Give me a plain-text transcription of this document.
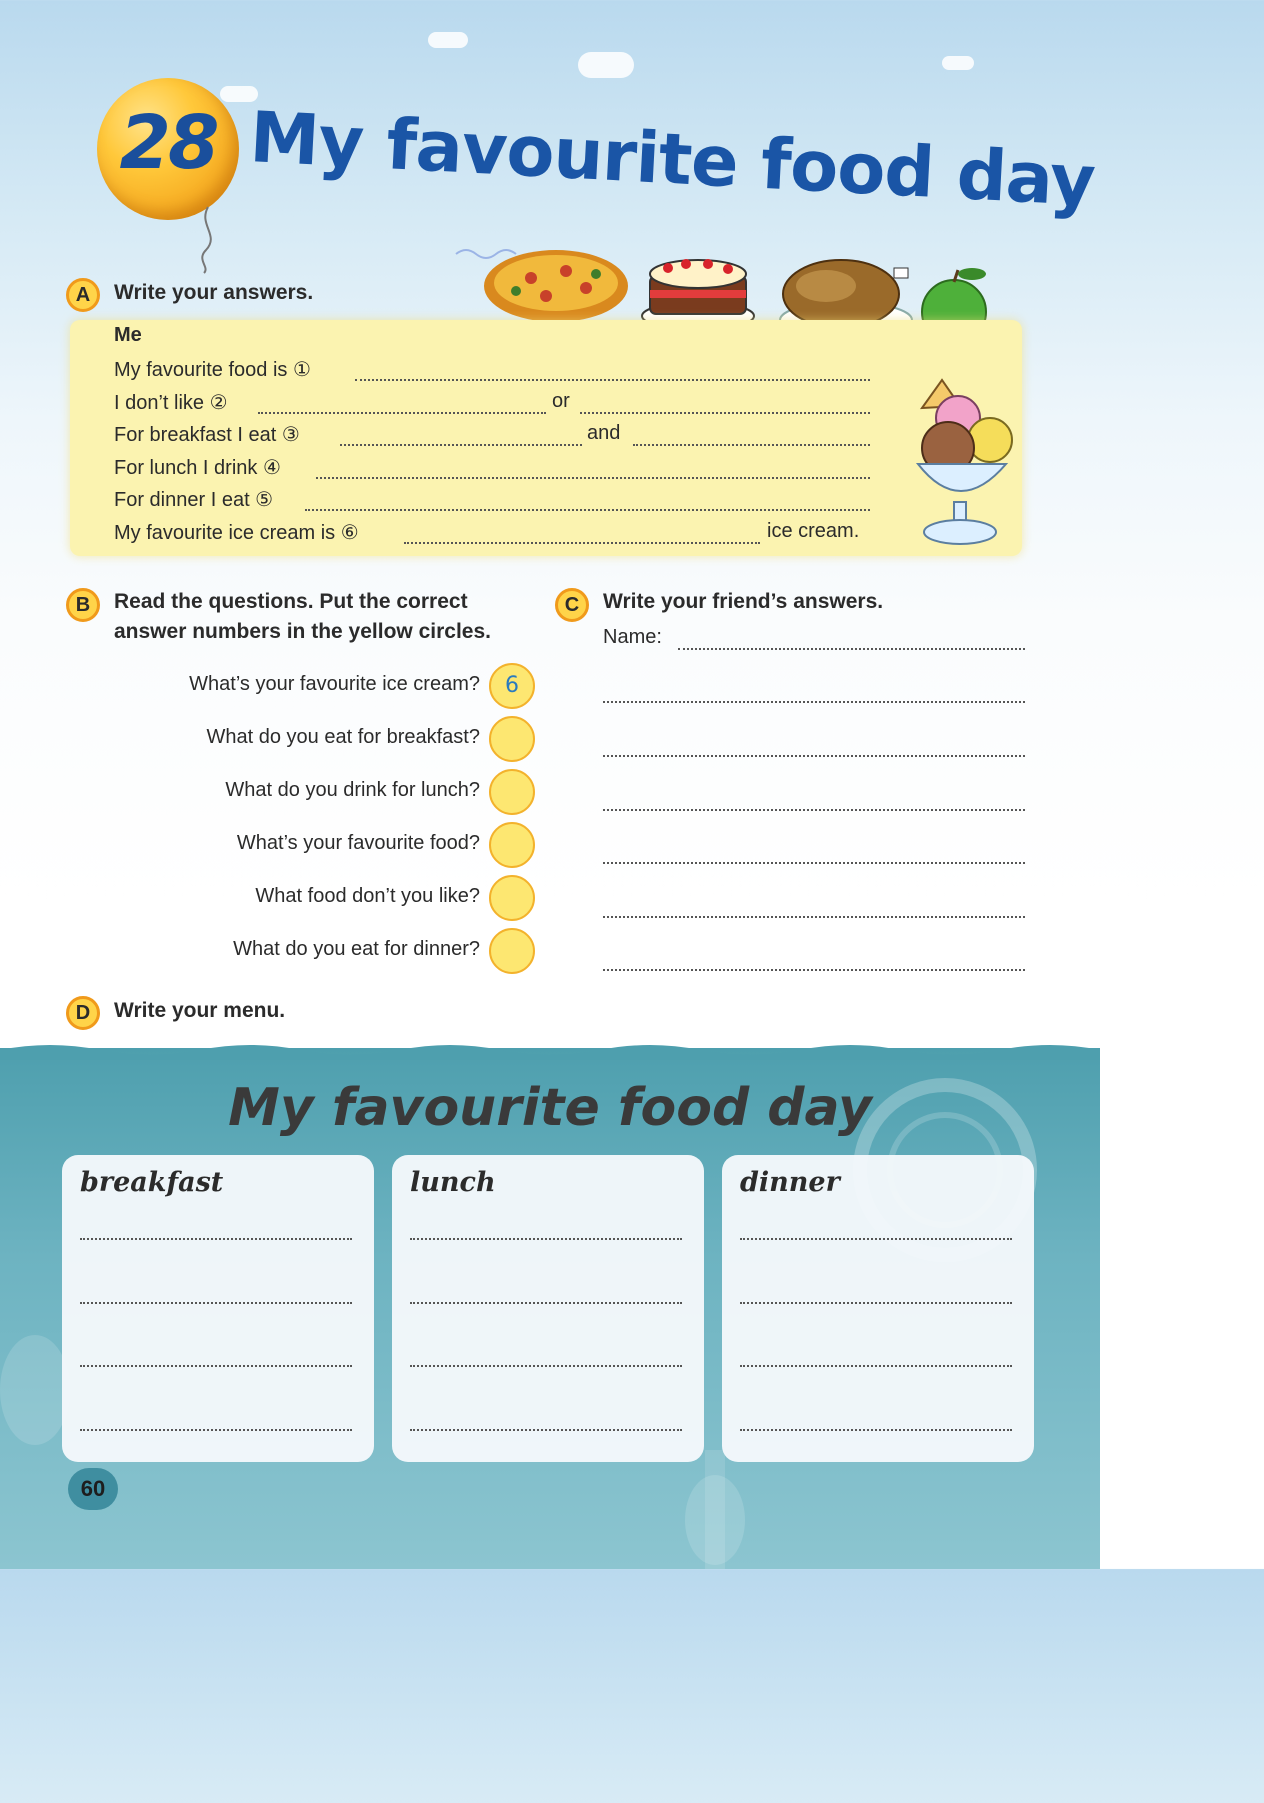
28 My favourite food day
A	Write your answers.
Me
My favourite food is ①
I don’t like ②	or
For breakfast I eat ③	and
For lunch I drink ④
For dinner I eat ⑤
My favourite ice cream is ⑥	ice cream.
B	Read the questions. Put the correct
answer numbers in the yellow circles.
What’s your favourite ice cream?	6
What do you eat for breakfast?
What do you drink for lunch?
What’s your favourite food?
What food don’t you like?
What do you eat for dinner?
C	Write your friend’s answers.
Name:
D	Write your menu.
My favourite food day
breakfast	lunch	dinner
60
